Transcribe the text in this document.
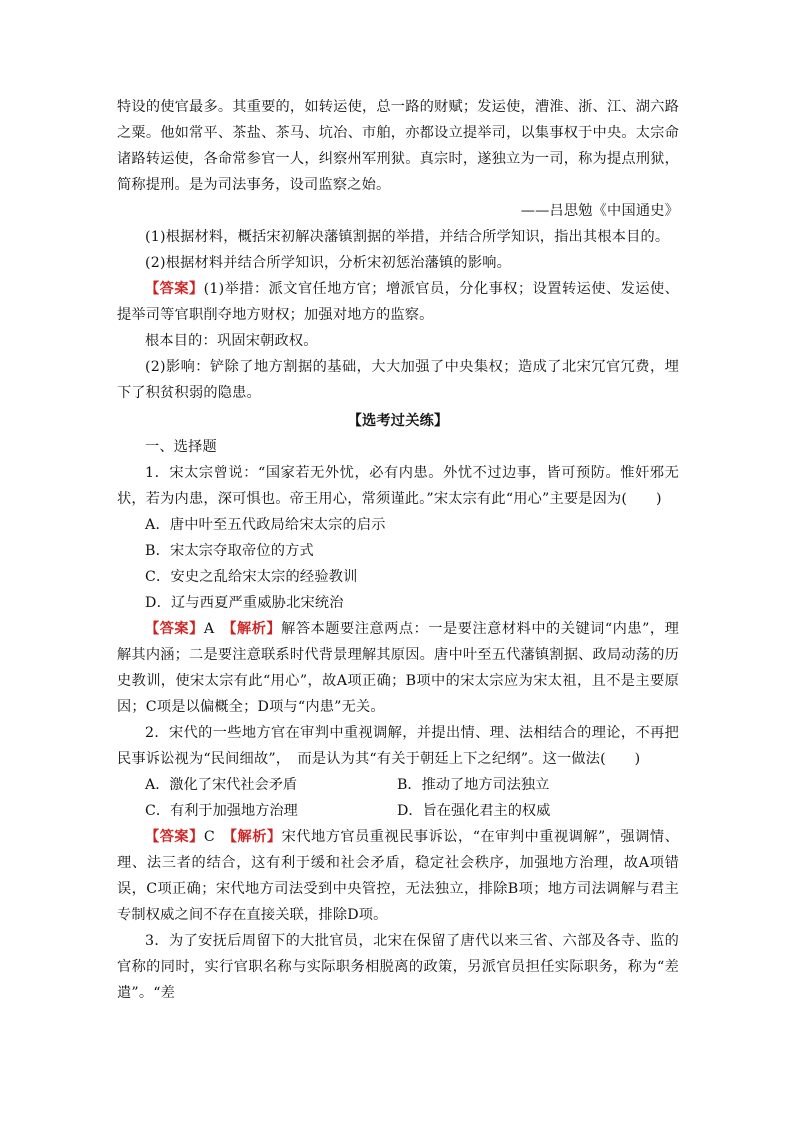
特设的使官最多。其重要的，如转运使，总一路的财赋；发运使，漕淮、浙、江、湖六路之粟。他如常平、茶盐、茶马、坑冶、市舶，亦都设立提举司，以集事权于中央。太宗命诸路转运使，各命常参官一人，纠察州军刑狱。真宗时，遂独立为一司，称为提点刑狱，简称提刑。是为司法事务，设司监察之始。

——吕思勉《中国通史》

(1)根据材料，概括宋初解决藩镇割据的举措，并结合所学知识，指出其根本目的。

(2)根据材料并结合所学知识，分析宋初惩治藩镇的影响。

【答案】(1)举措：派文官任地方官；增派官员，分化事权；设置转运使、发运使、提举司等官职削夺地方财权；加强对地方的监察。

根本目的：巩固宋朝政权。

(2)影响：铲除了地方割据的基础，大大加强了中央集权；造成了北宋冗官冗费，埋下了积贫积弱的隐患。

【选考过关练】

一、选择题

1．宋太宗曾说：“国家若无外忧，必有内患。外忧不过边事，皆可预防。惟奸邪无状，若为内患，深可惧也。帝王用心，常须谨此。”宋太宗有此“用心”主要是因为(　　)

A．唐中叶至五代政局给宋太宗的启示

B．宋太宗夺取帝位的方式

C．安史之乱给宋太宗的经验教训

D．辽与西夏严重威胁北宋统治

【答案】A　 【解析】解答本题要注意两点：一是要注意材料中的关键词“内患”，理解其内涵；二是要注意联系时代背景理解其原因。唐中叶至五代藩镇割据、政局动荡的历史教训，使宋太宗有此“用心”，故A项正确；B项中的宋太宗应为宋太祖，且不是主要原因；C项是以偏概全；D项与“内患”无关。

2．宋代的一些地方官在审判中重视调解，并提出情、理、法相结合的理论，不再把民事诉讼视为“民间细故”，　而是认为其“有关于朝廷上下之纪纲”。这一做法(　　)

A．激化了宋代社会矛盾	B．推动了地方司法独立
C．有利于加强地方治理	D．旨在强化君主的权威

【答案】C　 【解析】宋代地方官员重视民事诉讼，“在审判中重视调解”，强调情、理、法三者的结合，这有利于缓和社会矛盾，稳定社会秩序，加强地方治理，故A项错误，C项正确；宋代地方司法受到中央管控，无法独立，排除B项；地方司法调解与君主专制权威之间不存在直接关联，排除D项。

3．为了安抚后周留下的大批官员，北宋在保留了唐代以来三省、六部及各寺、监的官称的同时，实行官职名称与实际职务相脱离的政策，另派官员担任实际职务，称为“差遣”。“差
